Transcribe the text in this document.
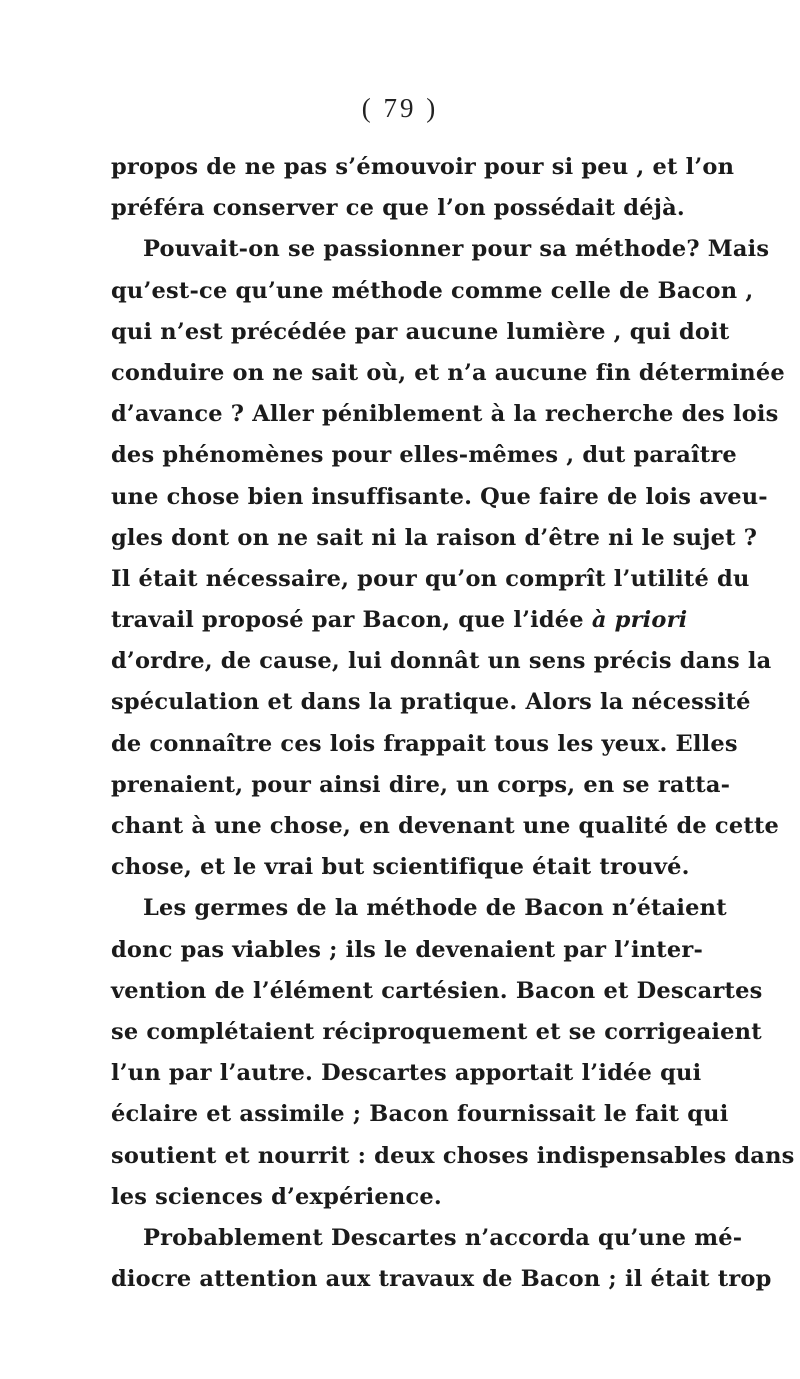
( 79 )
propos de ne pas s’émouvoir pour si peu , et l’on
préféra conserver ce que l’on possédait déjà.
Pouvait-on se passionner pour sa méthode? Mais
qu’est-ce qu’une méthode comme celle de Bacon ,
qui n’est précédée par aucune lumière , qui doit
conduire on ne sait où, et n’a aucune fin déterminée
d’avance ? Aller péniblement à la recherche des lois
des phénomènes pour elles-mêmes , dut paraître
une chose bien insuffisante. Que faire de lois aveu-
gles dont on ne sait ni la raison d’être ni le sujet ?
Il était nécessaire, pour qu’on comprît l’utilité du
travail proposé par Bacon, que l’idée à priori
d’ordre, de cause, lui donnât un sens précis dans la
spéculation et dans la pratique. Alors la nécessité
de connaître ces lois frappait tous les yeux. Elles
prenaient, pour ainsi dire, un corps, en se ratta-
chant à une chose, en devenant une qualité de cette
chose, et le vrai but scientifique était trouvé.
Les germes de la méthode de Bacon n’étaient
donc pas viables ; ils le devenaient par l’inter-
vention de l’élément cartésien. Bacon et Descartes
se complétaient réciproquement et se corrigeaient
l’un par l’autre. Descartes apportait l’idée qui
éclaire et assimile ; Bacon fournissait le fait qui
soutient et nourrit : deux choses indispensables dans
les sciences d’expérience.
Probablement Descartes n’accorda qu’une mé-
diocre attention aux travaux de Bacon ; il était trop
